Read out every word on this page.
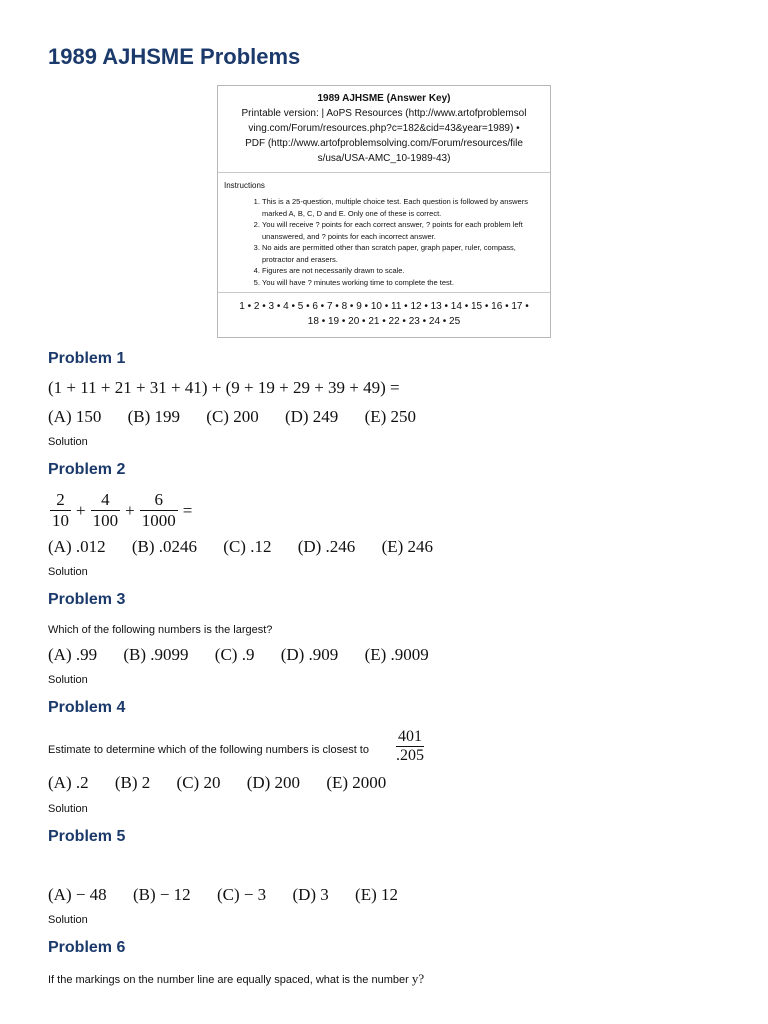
1989 AJHSME Problems
1989 AJHSME (Answer Key)
Printable version: | AoPS Resources (http://www.artofproblemsol
ving.com/Forum/resources.php?c=182&cid=43&year=1989) •
PDF (http://www.artofproblemsolving.com/Forum/resources/file
s/usa/USA-AMC_10-1989-43)
Instructions
1. This is a 25-question, multiple choice test. Each question is followed by answers marked A, B, C, D and E. Only one of these is correct.
2. You will receive ? points for each correct answer, ? points for each problem left unanswered, and ? points for each incorrect answer.
3. No aids are permitted other than scratch paper, graph paper, ruler, compass, protractor and erasers.
4. Figures are not necessarily drawn to scale.
5. You will have ? minutes working time to complete the test.
1 • 2 • 3 • 4 • 5 • 6 • 7 • 8 • 9 • 10 • 11 • 12 • 13 • 14 • 15 • 16 • 17 •
18 • 19 • 20 • 21 • 22 • 23 • 24 • 25
Problem 1
(1 + 11 + 21 + 31 + 41) + (9 + 19 + 29 + 39 + 49) =
(A) 150 (B) 199 (C) 200 (D) 249 (E) 250
Solution
Problem 2
$\frac{2}{10} + \frac{4}{100} + \frac{6}{1000}$ =
(A) .012 (B) .0246 (C) .12 (D) .246 (E) 246
Solution
Problem 3
Which of the following numbers is the largest?
(A) .99 (B) .9099 (C) .9 (D) .909 (E) .9009
Solution
Problem 4
Estimate to determine which of the following numbers is closest to $\frac{401}{.205}$
(A) .2 (B) 2 (C) 20 (D) 200 (E) 2000
Solution
Problem 5
(A) − 48 (B) − 12 (C) − 3 (D) 3 (E) 12
Solution
Problem 6
If the markings on the number line are equally spaced, what is the number y?
